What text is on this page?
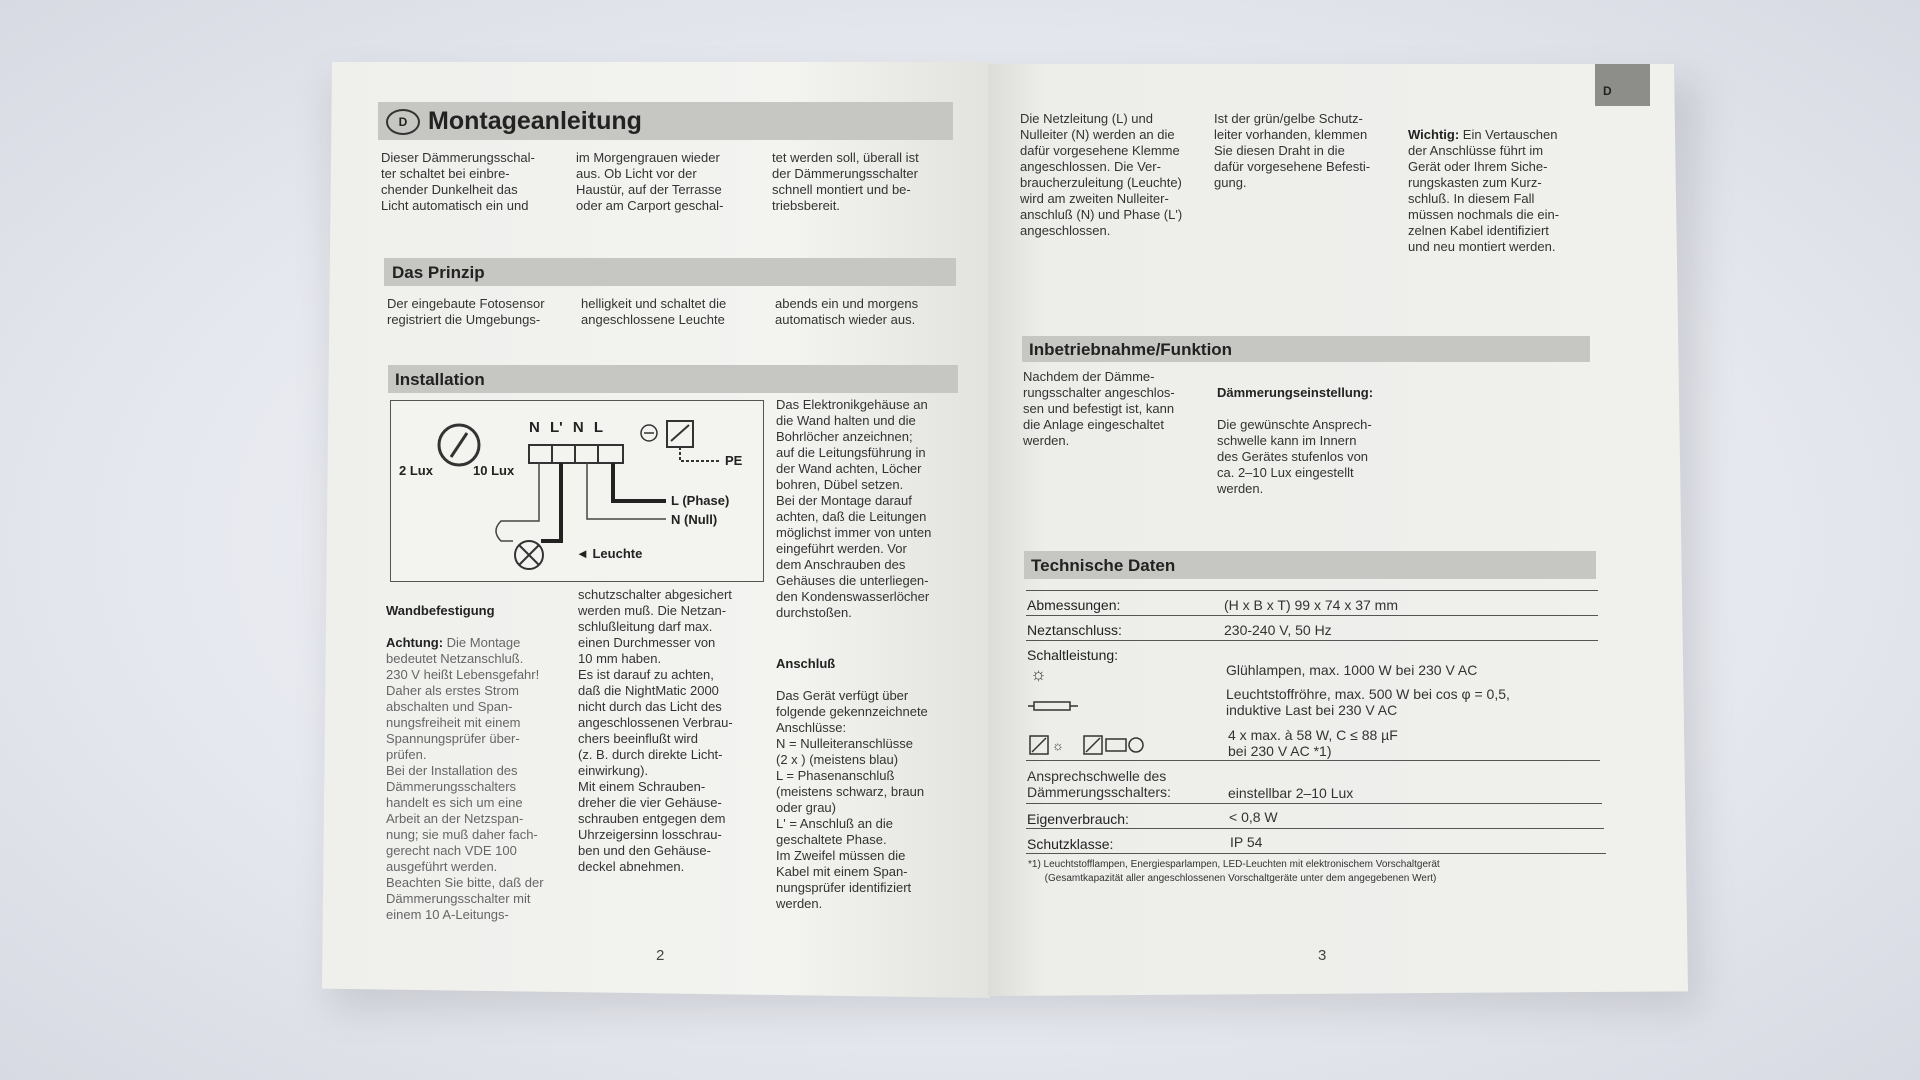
D Montageanleitung
Dieser Dämmerungsschal-
ter schaltet bei einbre-
chender Dunkelheit das
Licht automatisch ein und
im Morgengrauen wieder
aus. Ob Licht vor der
Haustür, auf der Terrasse
oder am Carport geschal-
tet werden soll, überall ist
der Dämmerungsschalter
schnell montiert und be-
triebsbereit.
Das Prinzip
Der eingebaute Fotosensor
registriert die Umgebungs-
helligkeit und schaltet die
angeschlossene Leuchte
abends ein und morgens
automatisch wieder aus.
Installation
2 Lux	10 Lux
N L' N L
PE
L (Phase)
N (Null)
◄ Leuchte

Wandbefestigung

Achtung: Die Montage
bedeutet Netzanschluß.
230 V heißt Lebensgefahr!
Daher als erstes Strom
abschalten und Span-
nungsfreiheit mit einem
Spannungsprüfer über-
prüfen.
Bei der Installation des
Dämmerungsschalters
handelt es sich um eine
Arbeit an der Netzspan-
nung; sie muß daher fach-
gerecht nach VDE 100
ausgeführt werden.
Beachten Sie bitte, daß der
Dämmerungsschalter mit
einem 10 A-Leitungs-

schutzschalter abgesichert
werden muß. Die Netzan-
schlußleitung darf max.
einen Durchmesser von
10 mm haben.
Es ist darauf zu achten,
daß die NightMatic 2000
nicht durch das Licht des
angeschlossenen Verbrau-
chers beeinflußt wird
(z. B. durch direkte Licht-
einwirkung).
Mit einem Schrauben-
dreher die vier Gehäuse-
schrauben entgegen dem
Uhrzeigersinn losschrau-
ben und den Gehäuse-
deckel abnehmen.
Das Elektronikgehäuse an
die Wand halten und die
Bohrlöcher anzeichnen;
auf die Leitungsführung in
der Wand achten, Löcher
bohren, Dübel setzen.
Bei der Montage darauf
achten, daß die Leitungen
möglichst immer von unten
eingeführt werden. Vor
dem Anschrauben des
Gehäuses die unterliegen-
den Kondenswasserlöcher
durchstoßen.

Anschluß

Das Gerät verfügt über
folgende gekennzeichnete
Anschlüsse:
N = Nulleiteranschlüsse
(2 x ) (meistens blau)
L = Phasenanschluß
(meistens schwarz, braun
oder grau)
L' = Anschluß an die
geschaltete Phase.
Im Zweifel müssen die
Kabel mit einem Span-
nungsprüfer identifiziert
werden.

2
D
Die Netzleitung (L) und
Nulleiter (N) werden an die
dafür vorgesehene Klemme
angeschlossen. Die Ver-
braucherzuleitung (Leuchte)
wird am zweiten Nulleiter-
anschluß (N) und Phase (L')
angeschlossen.
Ist der grün/gelbe Schutz-
leiter vorhanden, klemmen
Sie diesen Draht in die
dafür vorgesehene Befesti-
gung.

Wichtig: Ein Vertauschen
der Anschlüsse führt im
Gerät oder Ihrem Siche-
rungskasten zum Kurz-
schluß. In diesem Fall
müssen nochmals die ein-
zelnen Kabel identifiziert
und neu montiert werden.

Inbetriebnahme/Funktion
Nachdem der Dämme-
rungsschalter angeschlos-
sen und befestigt ist, kann
die Anlage eingeschaltet
werden.

Dämmerungseinstellung:

Die gewünschte Ansprech-
schwelle kann im Innern
des Gerätes stufenlos von
ca. 2–10 Lux eingestellt
werden.

Technische Daten
Abmessungen:	(H x B x T) 99 x 74 x 37 mm
Neztanschluss:	230-240 V, 50 Hz
Schaltleistung:
☼	Glühlampen, max. 1000 W bei 230 V AC
Leuchtstoffröhre, max. 500 W bei cos φ = 0,5,
induktive Last bei 230 V AC
☼
4 x max. à 58 W, C ≤ 88 µF
bei 230 V AC *1)
Ansprechschwelle des
Dämmerungsschalters:	einstellbar 2–10 Lux
Eigenverbrauch:	< 0,8 W
Schutzklasse:	IP 54
*1) Leuchtstofflampen, Energiesparlampen, LED-Leuchten mit elektronischem Vorschaltgerät
(Gesamtkapazität aller angeschlossenen Vorschaltgeräte unter dem angegebenen Wert)
3
